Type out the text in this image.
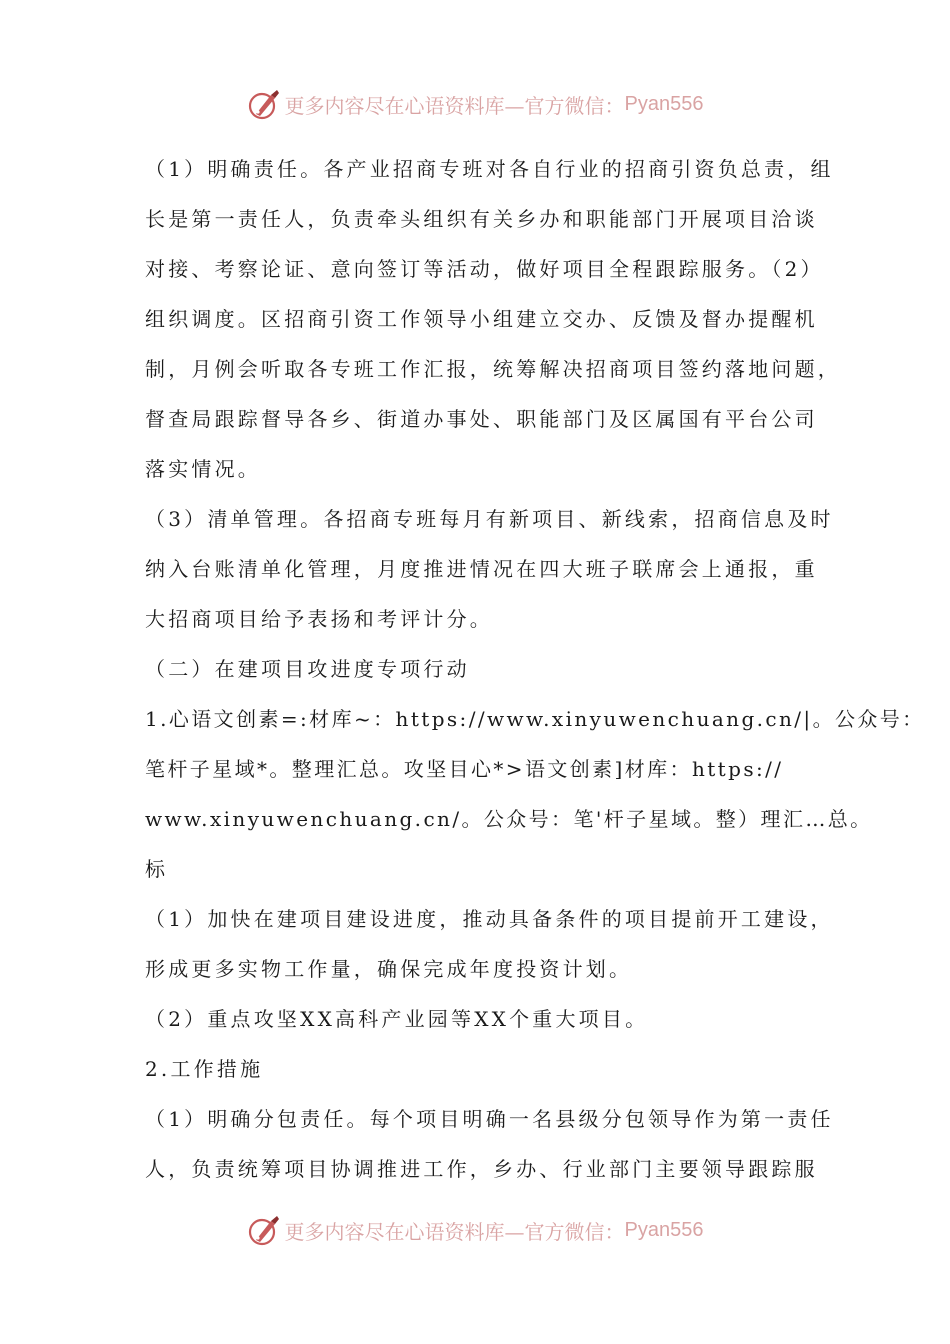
更多内容尽在心语资料库—官方微信： Pyan556
（1）明确责任。各产业招商专班对各自行业的招商引资负总责，组
长是第一责任人，负责牵头组织有关乡办和职能部门开展项目洽谈
对接、考察论证、意向签订等活动，做好项目全程跟踪服务。（2）
组织调度。区招商引资工作领导小组建立交办、反馈及督办提醒机
制，月例会听取各专班工作汇报，统筹解决招商项目签约落地问题，
督查局跟踪督导各乡、街道办事处、职能部门及区属国有平台公司
落实情况。
（3）清单管理。各招商专班每月有新项目、新线索，招商信息及时
纳入台账清单化管理，月度推进情况在四大班子联席会上通报，重
大招商项目给予表扬和考评计分。
（二）在建项目攻进度专项行动
1.心语文创素=:材库~：https://www.xinyuwenchuang.cn/|。公众号：
笔杆子星域*。整理汇总。攻坚目心*>语文创素]材库：https://
www.xinyuwenchuang.cn/。公众号：笔'杆子星域。整）理汇…总。
标
（1）加快在建项目建设进度，推动具备条件的项目提前开工建设，
形成更多实物工作量，确保完成年度投资计划。
（2）重点攻坚XX高科产业园等XX个重大项目。
2.工作措施
（1）明确分包责任。每个项目明确一名县级分包领导作为第一责任
人，负责统筹项目协调推进工作，乡办、行业部门主要领导跟踪服
更多内容尽在心语资料库—官方微信： Pyan556
